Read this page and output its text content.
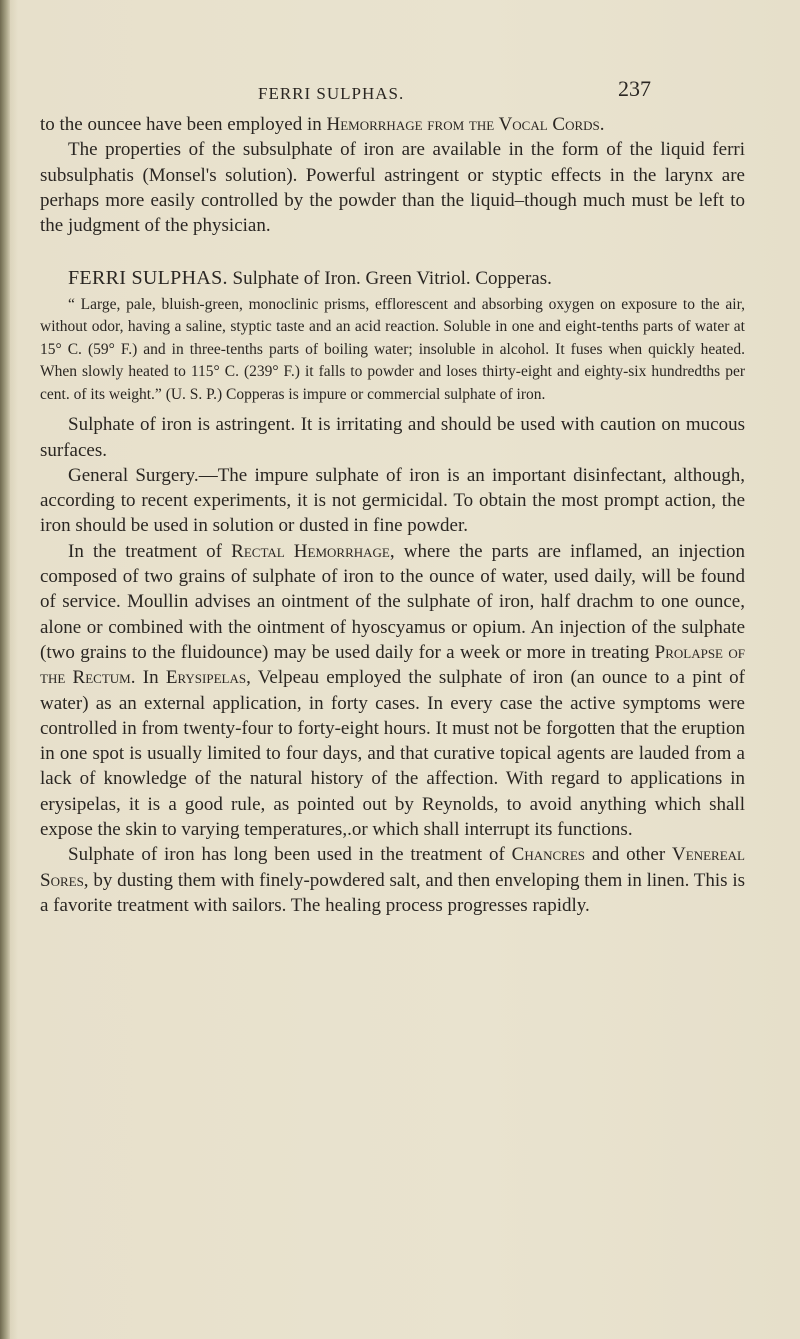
FERRI SULPHAS.	237

to the ouncee have been employed in Hemorrhage from the Vocal Cords.

The properties of the subsulphate of iron are available in the form of the liquid ferri subsulphatis (Monsel's solution). Powerful astringent or styptic effects in the larynx are perhaps more easily controlled by the powder than the liquid–though much must be left to the judgment of the physician.

FERRI SULPHAS. Sulphate of Iron. Green Vitriol. Copperas.

“ Large, pale, bluish-green, monoclinic prisms, efflorescent and absorbing oxygen on exposure to the air, without odor, having a saline, styptic taste and an acid reaction. Soluble in one and eight-tenths parts of water at 15° C. (59° F.) and in three-tenths parts of boiling water; insoluble in alcohol. It fuses when quickly heated. When slowly heated to 115° C. (239° F.) it falls to powder and loses thirty-eight and eighty-six hundredths per cent. of its weight.” (U. S. P.) Copperas is impure or commercial sulphate of iron.

Sulphate of iron is astringent. It is irritating and should be used with caution on mucous surfaces.

General Surgery.—The impure sulphate of iron is an important disinfectant, although, according to recent experiments, it is not germicidal. To obtain the most prompt action, the iron should be used in solution or dusted in fine powder.

In the treatment of Rectal Hemorrhage, where the parts are inflamed, an injection composed of two grains of sulphate of iron to the ounce of water, used daily, will be found of service. Moullin advises an ointment of the sulphate of iron, half drachm to one ounce, alone or combined with the ointment of hyoscyamus or opium. An injection of the sulphate (two grains to the fluidounce) may be used daily for a week or more in treating Prolapse of the Rectum. In Erysipelas, Velpeau employed the sulphate of iron (an ounce to a pint of water) as an external application, in forty cases. In every case the active symptoms were controlled in from twenty-four to forty-eight hours. It must not be forgotten that the eruption in one spot is usually limited to four days, and that curative topical agents are lauded from a lack of knowledge of the natural history of the affection. With regard to applications in erysipelas, it is a good rule, as pointed out by Reynolds, to avoid anything which shall expose the skin to varying temperatures,.or which shall interrupt its functions.

Sulphate of iron has long been used in the treatment of Chancres and other Venereal Sores, by dusting them with finely-powdered salt, and then enveloping them in linen. This is a favorite treatment with sailors. The healing process progresses rapidly.
